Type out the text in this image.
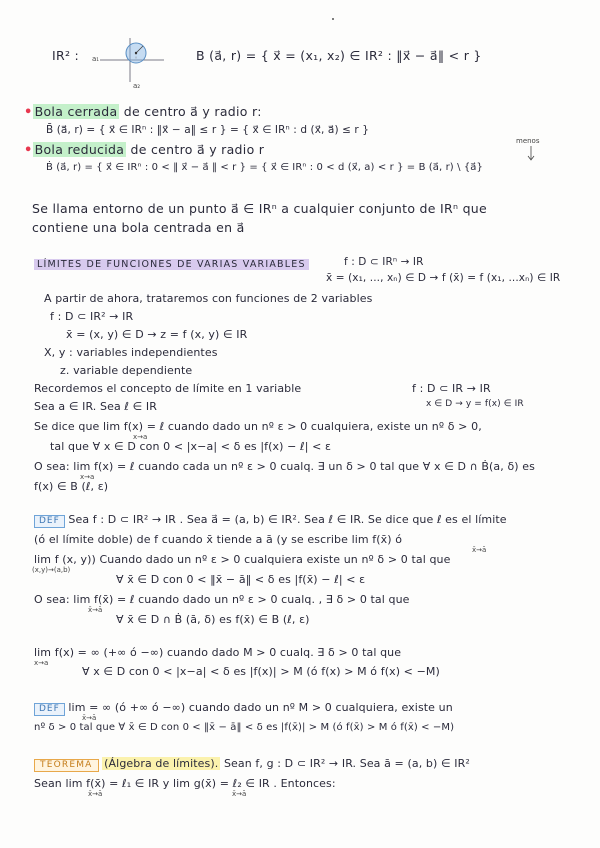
IR² : a₁
a₂
B (a⃗, r) = { x⃗ = (x₁, x₂) ∈ IR² : ‖x⃗ − a⃗‖ < r }
• Bola cerrada de centro a⃗ y radio r:
B̄ (a⃗, r) = { x⃗ ∈ IRⁿ : ‖x⃗ − a‖ ≤ r } = { x⃗ ∈ IRⁿ : d (x⃗, a⃗) ≤ r }
• Bola reducida de centro a⃗ y radio r
menos
Ḃ (a⃗, r) = { x⃗ ∈ IRⁿ : 0 < ‖ x⃗ − a⃗ ‖ < r } = { x⃗ ∈ IRⁿ : 0 < d (x⃗, a) < r } = B (a⃗, r) \ {a⃗}
Se llama entorno de un punto a⃗ ∈ IRⁿ a cualquier conjunto de IRⁿ que
contiene una bola centrada en a⃗
LÍMITES DE FUNCIONES DE VARIAS VARIABLES	f : D ⊂ IRⁿ → IR
x̄ = (x₁, ..., xₙ) ∈ D → f (x̄) = f (x₁, ...xₙ) ∈ IR
A partir de ahora, trataremos con funciones de 2 variables
f : D ⊂ IR² → IR
x̄ = (x, y) ∈ D → z = f (x, y) ∈ IR
X, y : variables independientes
z. variable dependiente
Recordemos el concepto de límite en 1 variable	f : D ⊂ IR → IR
Sea a ∈ IR. Sea ℓ ∈ IR	x ∈ D → y = f(x) ∈ IR
Se dice que lim f(x) = ℓ cuando dado un nº ε > 0 cualquiera, existe un nº δ > 0,
x→a
tal que ∀ x ∈ D con 0 < |x−a| < δ es |f(x) − ℓ| < ε
O sea: lim f(x) = ℓ cuando cada un nº ε > 0 cualq. ∃ un δ > 0 tal que ∀ x ∈ D ∩ Ḃ(a, δ) es
x→a
f(x) ∈ B (ℓ, ε)
DEF Sea f : D ⊂ IR² → IR . Sea a⃗ = (a, b) ∈ IR². Sea ℓ ∈ IR. Se dice que ℓ es el límite
(ó el límite doble) de f cuando x̄ tiende a ā (y se escribe lim f(x̄) ó
x̄→ā
lim f (x, y)) Cuando dado un nº ε > 0 cualquiera existe un nº δ > 0 tal que
(x,y)→(a,b)
∀ x̄ ∈ D con 0 < ‖x̄ − ā‖ < δ es |f(x̄) − ℓ| < ε
O sea: lim f(x̄) = ℓ cuando dado un nº ε > 0 cualq. , ∃ δ > 0 tal que
x̄→ā
∀ x̄ ∈ D ∩ Ḃ (ā, δ) es f(x̄) ∈ B (ℓ, ε)
lim f(x) = ∞ (+∞ ó −∞) cuando dado M > 0 cualq. ∃ δ > 0 tal que
x→a
∀ x ∈ D con 0 < |x−a| < δ es |f(x)| > M (ó f(x) > M ó f(x) < −M)
DEF lim = ∞ (ó +∞ ó −∞) cuando dado un nº M > 0 cualquiera, existe un
x̄→ā
nº δ > 0 tal que ∀ x̄ ∈ D con 0 < ‖x̄ − ā‖ < δ es |f(x̄)| > M (ó f(x̄) > M ó f(x̄) < −M)
TEOREMA (Álgebra de límites). Sean f, g : D ⊂ IR² → IR. Sea ā = (a, b) ∈ IR²
Sean lim f(x̄) = ℓ₁ ∈ IR y lim g(x̄) = ℓ₂ ∈ IR . Entonces:
x̄→ā	x̄→ā
